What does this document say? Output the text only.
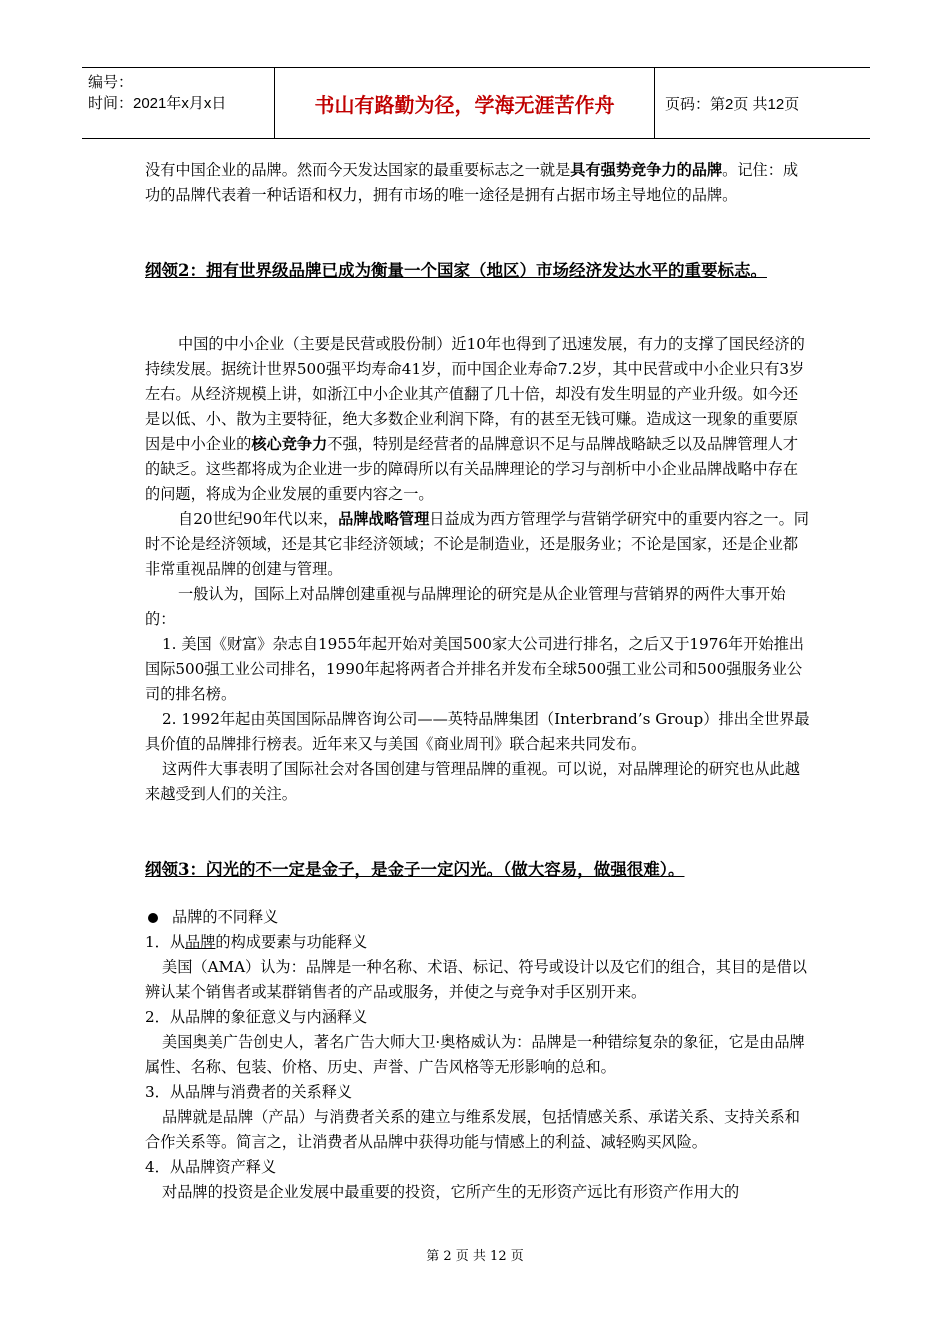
编号：
时间：2021年x月x日	书山有路勤为径，学海无涯苦作舟	页码：第2页 共12页

没有中国企业的品牌。然而今天发达国家的最重要标志之一就是具有强势竞争力的品牌。记住：成功的品牌代表着一种话语和权力，拥有市场的唯一途径是拥有占据市场主导地位的品牌。

纲领2：拥有世界级品牌已成为衡量一个国家（地区）市场经济发达水平的重要标志。

中国的中小企业（主要是民营或股份制）近10年也得到了迅速发展，有力的支撑了国民经济的持续发展。据统计世界500强平均寿命41岁，而中国企业寿命7.2岁，其中民营或中小企业只有3岁左右。从经济规模上讲，如浙江中小企业其产值翻了几十倍，却没有发生明显的产业升级。如今还是以低、小、散为主要特征，绝大多数企业利润下降，有的甚至无钱可赚。造成这一现象的重要原因是中小企业的核心竞争力不强，特别是经营者的品牌意识不足与品牌战略缺乏以及品牌管理人才的缺乏。这些都将成为企业进一步的障碍所以有关品牌理论的学习与剖析中小企业品牌战略中存在的问题，将成为企业发展的重要内容之一。

自20世纪90年代以来，品牌战略管理日益成为西方管理学与营销学研究中的重要内容之一。同时不论是经济领域，还是其它非经济领域；不论是制造业，还是服务业；不论是国家，还是企业都非常重视品牌的创建与管理。

一般认为，国际上对品牌创建重视与品牌理论的研究是从企业管理与营销界的两件大事开始的：

1. 美国《财富》杂志自1955年起开始对美国500家大公司进行排名，之后又于1976年开始推出国际500强工业公司排名，1990年起将两者合并排名并发布全球500强工业公司和500强服务业公司的排名榜。

2. 1992年起由英国国际品牌咨询公司——英特品牌集团（Interbrand’s Group）排出全世界最具价值的品牌排行榜表。近年来又与美国《商业周刊》联合起来共同发布。

这两件大事表明了国际社会对各国创建与管理品牌的重视。可以说，对品牌理论的研究也从此越来越受到人们的关注。

纲领3：闪光的不一定是金子，是金子一定闪光。（做大容易，做强很难）。
品牌的不同释义

1．从品牌的构成要素与功能释义

美国（AMA）认为：品牌是一种名称、术语、标记、符号或设计以及它们的组合，其目的是借以辨认某个销售者或某群销售者的产品或服务，并使之与竞争对手区别开来。

2．从品牌的象征意义与内涵释义

美国奥美广告创史人，著名广告大师大卫·奥格威认为：品牌是一种错综复杂的象征，它是由品牌属性、名称、包装、价格、历史、声誉、广告风格等无形影响的总和。

3．从品牌与消费者的关系释义

品牌就是品牌（产品）与消费者关系的建立与维系发展，包括情感关系、承诺关系、支持关系和合作关系等。简言之，让消费者从品牌中获得功能与情感上的利益、减轻购买风险。

4．从品牌资产释义

对品牌的投资是企业发展中最重要的投资，它所产生的无形资产远比有形资产作用大的

第 2 页 共 12 页
